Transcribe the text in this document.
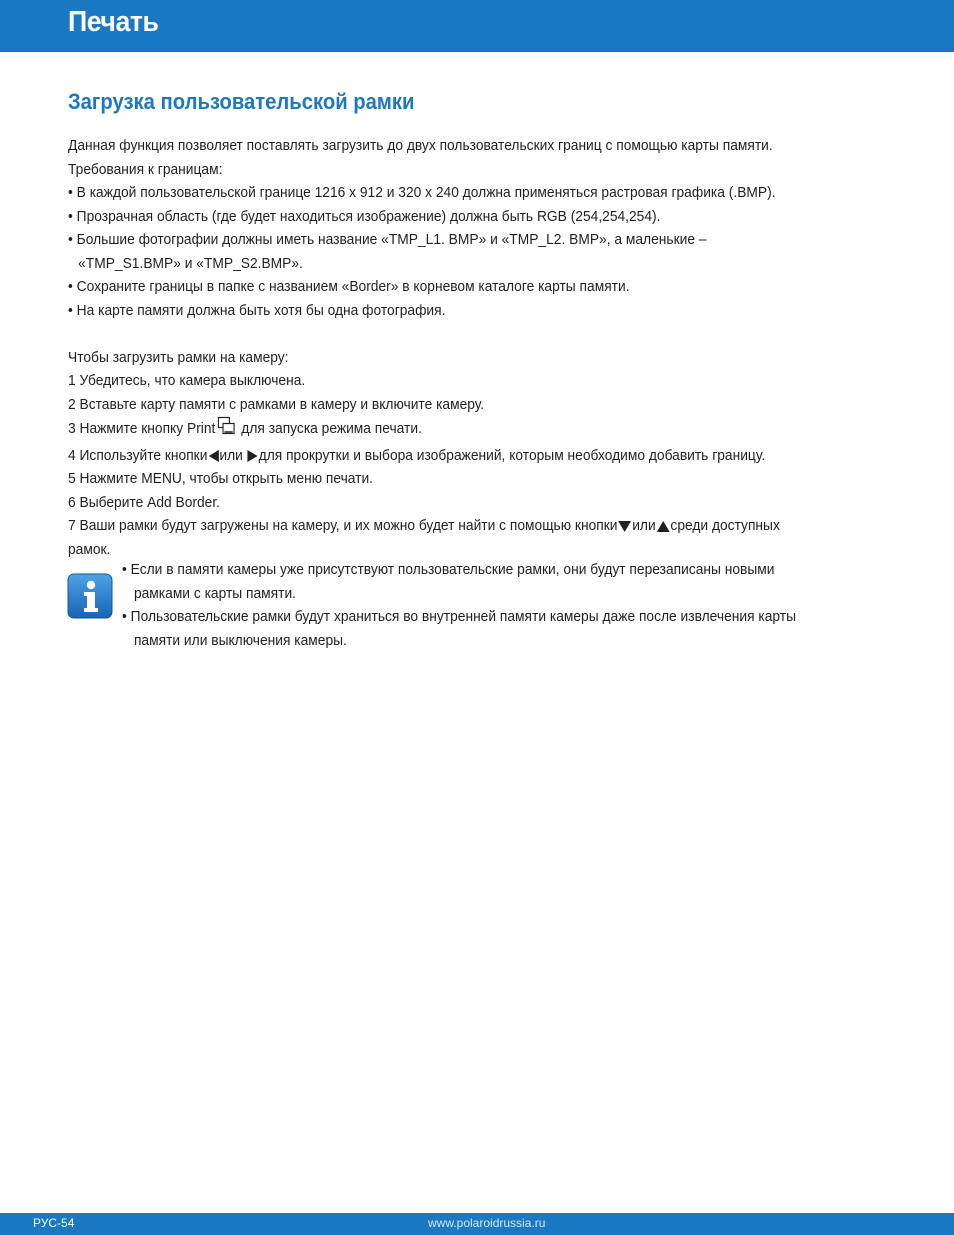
Печать
Загрузка пользовательской рамки
Данная функция позволяет поставлять загрузить до двух пользовательских границ с помощью карты памяти.
Требования к границам:
• В каждой пользовательской границе 1216 x 912 и 320 x 240 должна применяться растровая графика (.BMP).
• Прозрачная область (где будет находиться изображение) должна быть RGB (254,254,254).
• Большие фотографии должны иметь название «TMP_L1. BMP» и «TMP_L2. BMP», а маленькие –
«TMP_S1.BMP» и «TMP_S2.BMP».
• Сохраните границы в папке с названием «Border» в корневом каталоге карты памяти.
• На карте памяти должна быть хотя бы одна фотография.
Чтобы загрузить рамки на камеру:
1 Убедитесь, что камера выключена.
2 Вставьте карту памяти с рамками в камеру и включите камеру.
3 Нажмите кнопку Print для запуска режима печати.
4 Используйте кнопки или для прокрутки и выбора изображений, которым необходимо добавить границу.
5 Нажмите MENU, чтобы открыть меню печати.
6 Выберите Add Border.
7 Ваши рамки будут загружены на камеру, и их можно будет найти с помощью кнопки или среди доступных
рамок.
• Если в памяти камеры уже присутствуют пользовательские рамки, они будут перезаписаны новыми
рамками с карты памяти.
• Пользовательские рамки будут храниться во внутренней памяти камеры даже после извлечения карты
памяти или выключения камеры.
РУС-54	www.polaroidrussia.ru
